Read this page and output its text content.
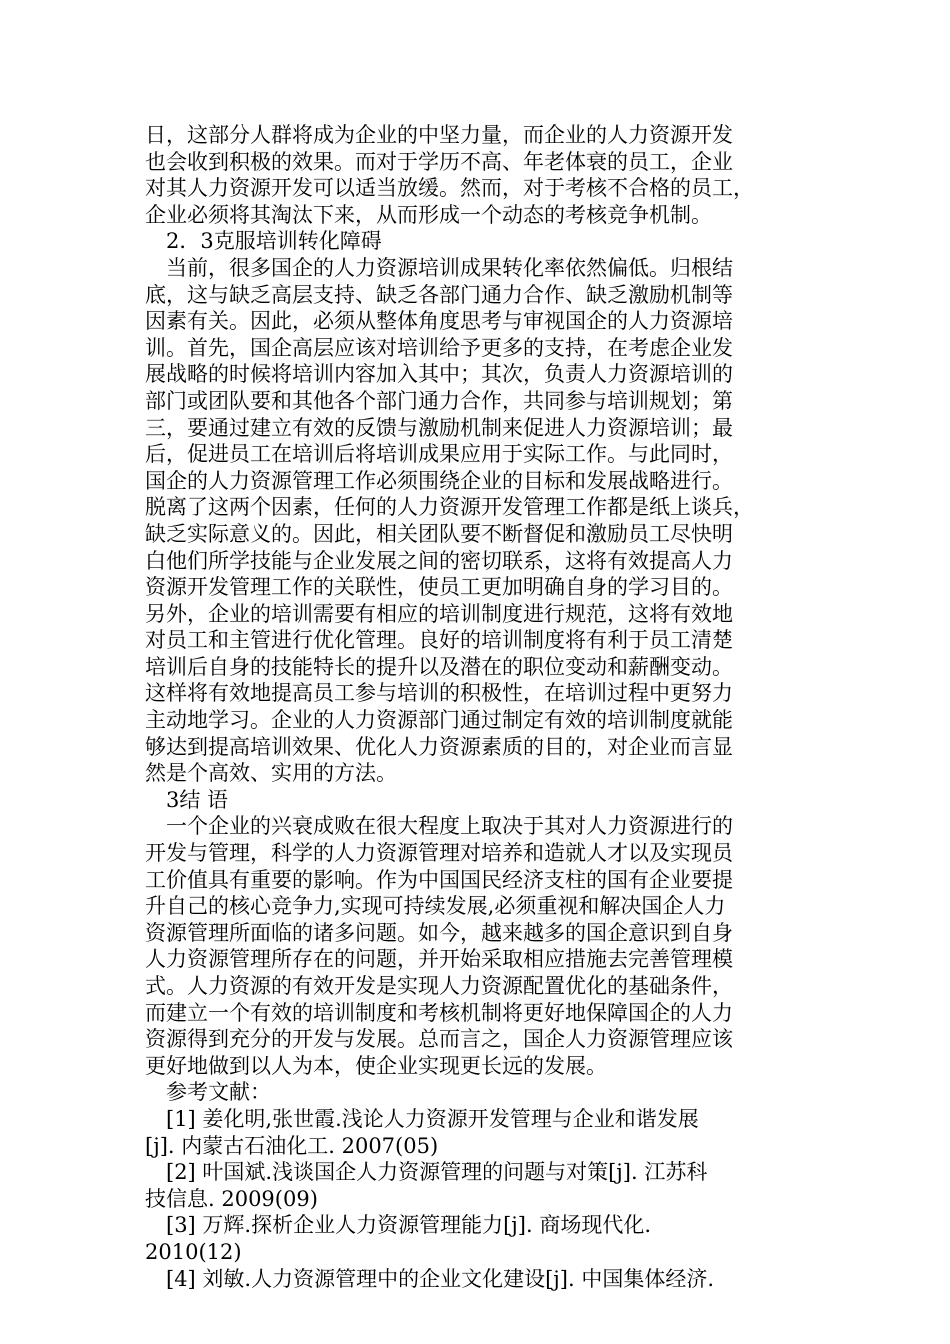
日，这部分人群将成为企业的中坚力量，而企业的人力资源开发
也会收到积极的效果。而对于学历不高、年老体衰的员工，企业
对其人力资源开发可以适当放缓。然而，对于考核不合格的员工，
企业必须将其淘汰下来，从而形成一个动态的考核竞争机制。
2．3克服培训转化障碍
当前，很多国企的人力资源培训成果转化率依然偏低。归根结
底，这与缺乏高层支持、缺乏各部门通力合作、缺乏激励机制等
因素有关。因此，必须从整体角度思考与审视国企的人力资源培
训。首先，国企高层应该对培训给予更多的支持，在考虑企业发
展战略的时候将培训内容加入其中；其次，负责人力资源培训的
部门或团队要和其他各个部门通力合作，共同参与培训规划；第
三，要通过建立有效的反馈与激励机制来促进人力资源培训；最
后，促进员工在培训后将培训成果应用于实际工作。与此同时，
国企的人力资源管理工作必须围绕企业的目标和发展战略进行。
脱离了这两个因素，任何的人力资源开发管理工作都是纸上谈兵，
缺乏实际意义的。因此，相关团队要不断督促和激励员工尽快明
白他们所学技能与企业发展之间的密切联系，这将有效提高人力
资源开发管理工作的关联性，使员工更加明确自身的学习目的。
另外，企业的培训需要有相应的培训制度进行规范，这将有效地
对员工和主管进行优化管理。良好的培训制度将有利于员工清楚
培训后自身的技能特长的提升以及潜在的职位变动和薪酬变动。
这样将有效地提高员工参与培训的积极性，在培训过程中更努力
主动地学习。企业的人力资源部门通过制定有效的培训制度就能
够达到提高培训效果、优化人力资源素质的目的，对企业而言显
然是个高效、实用的方法。
3结 语
一个企业的兴衰成败在很大程度上取决于其对人力资源进行的
开发与管理，科学的人力资源管理对培养和造就人才以及实现员
工价值具有重要的影响。作为中国国民经济支柱的国有企业要提
升自己的核心竞争力,实现可持续发展,必须重视和解决国企人力
资源管理所面临的诸多问题。如今，越来越多的国企意识到自身
人力资源管理所存在的问题，并开始采取相应措施去完善管理模
式。人力资源的有效开发是实现人力资源配置优化的基础条件，
而建立一个有效的培训制度和考核机制将更好地保障国企的人力
资源得到充分的开发与发展。总而言之，国企人力资源管理应该
更好地做到以人为本，使企业实现更长远的发展。
参考文献：
[1] 姜化明,张世霞.浅论人力资源开发管理与企业和谐发展
[j]. 内蒙古石油化工. 2007(05)
[2] 叶国斌.浅谈国企人力资源管理的问题与对策[j]. 江苏科
技信息. 2009(09)
[3] 万辉.探析企业人力资源管理能力[j]. 商场现代化.
2010(12)
[4] 刘敏.人力资源管理中的企业文化建设[j]. 中国集体经济.
